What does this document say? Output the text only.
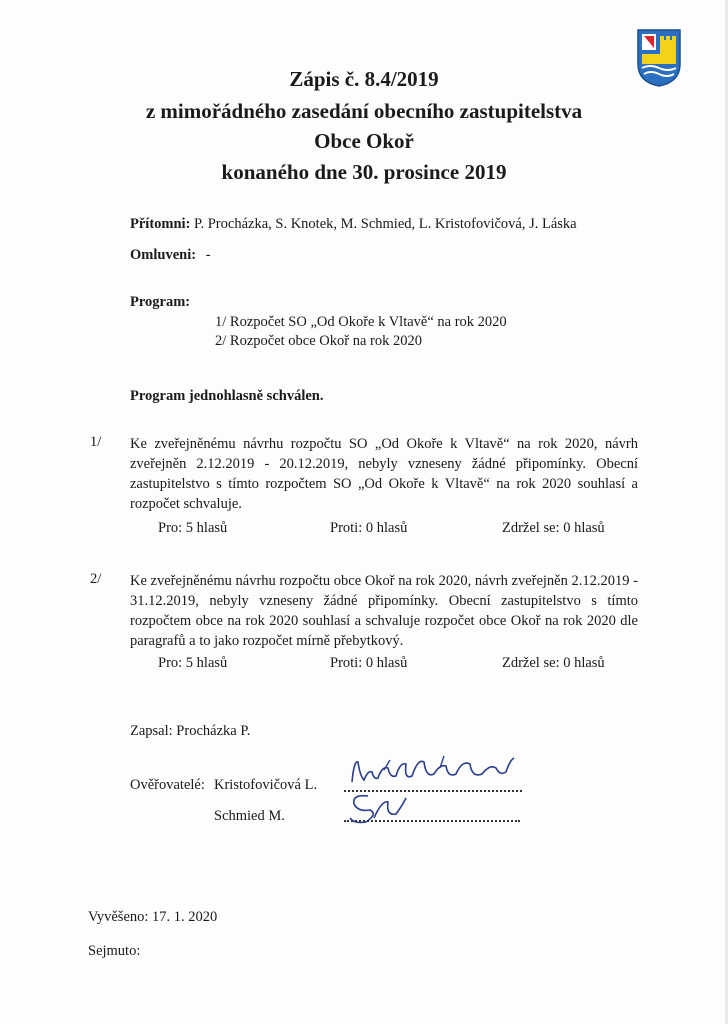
Zápis č. 8.4/2019
z mimořádného zasedání obecního zastupitelstva
Obce Okoř
konaného dne 30. prosince 2019
Přítomni: P. Procházka, S. Knotek, M. Schmied, L. Kristofovičová, J. Láska
Omluveni: -
Program:
1/ Rozpočet SO „Od Okoře k Vltavě“ na rok 2020
2/ Rozpočet obce Okoř na rok 2020
Program jednohlasně schválen.
1/ Ke zveřejněnému návrhu rozpočtu SO „Od Okoře k Vltavě“ na rok 2020, návrh zveřejněn 2.12.2019 - 20.12.2019, nebyly vzneseny žádné připomínky. Obecní zastupitelstvo s tímto rozpočtem SO „Od Okoře k Vltavě“ na rok 2020 souhlasí a rozpočet schvaluje.
Pro: 5 hlasů	Proti: 0 hlasů	Zdržel se: 0 hlasů
2/ Ke zveřejněnému návrhu rozpočtu obce Okoř na rok 2020, návrh zveřejněn 2.12.2019 - 31.12.2019, nebyly vzneseny žádné připomínky. Obecní zastupitelstvo s tímto rozpočtem obce na rok 2020 souhlasí a schvaluje rozpočet obce Okoř na rok 2020 dle paragrafů a to jako rozpočet mírně přebytkový.
Pro: 5 hlasů	Proti: 0 hlasů	Zdržel se: 0 hlasů
Zapsal: Procházka P.
Ověřovatelé: Kristofovičová L.
Schmied M.
Vyvěšeno: 17. 1. 2020
Sejmuto:
